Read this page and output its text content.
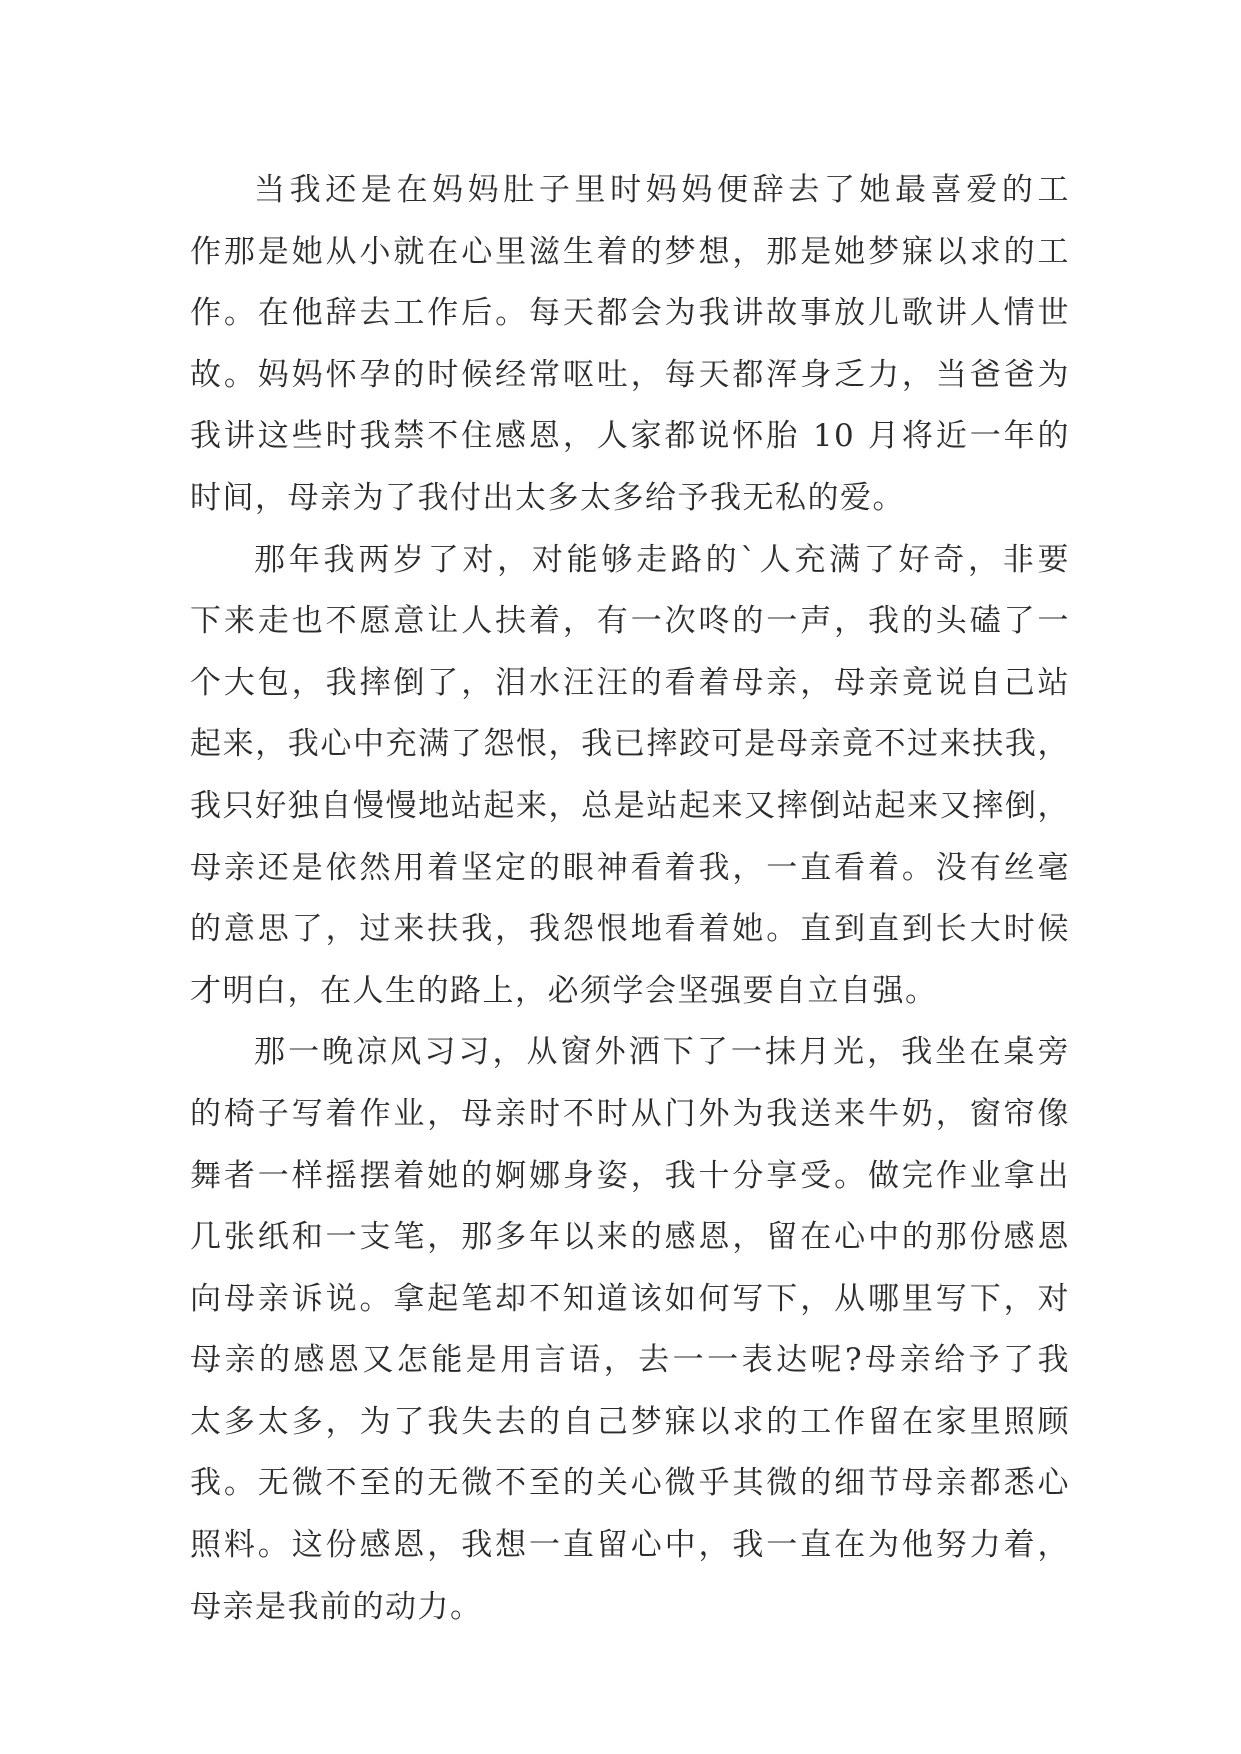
当我还是在妈妈肚子里时妈妈便辞去了她最喜爱的工
作那是她从小就在心里滋生着的梦想，那是她梦寐以求的工
作。在他辞去工作后。每天都会为我讲故事放儿歌讲人情世
故。妈妈怀孕的时候经常呕吐，每天都浑身乏力，当爸爸为
我讲这些时我禁不住感恩，人家都说怀胎 10 月将近一年的
时间，母亲为了我付出太多太多给予我无私的爱。
那年我两岁了对，对能够走路的`人充满了好奇，非要
下来走也不愿意让人扶着，有一次咚的一声，我的头磕了一
个大包，我摔倒了，泪水汪汪的看着母亲，母亲竟说自己站
起来，我心中充满了怨恨，我已摔跤可是母亲竟不过来扶我，
我只好独自慢慢地站起来，总是站起来又摔倒站起来又摔倒，
母亲还是依然用着坚定的眼神看着我，一直看着。没有丝毫
的意思了，过来扶我，我怨恨地看着她。直到直到长大时候
才明白，在人生的路上，必须学会坚强要自立自强。
那一晚凉风习习，从窗外洒下了一抹月光，我坐在桌旁
的椅子写着作业，母亲时不时从门外为我送来牛奶，窗帘像
舞者一样摇摆着她的婀娜身姿，我十分享受。做完作业拿出
几张纸和一支笔，那多年以来的感恩，留在心中的那份感恩
向母亲诉说。拿起笔却不知道该如何写下，从哪里写下，对
母亲的感恩又怎能是用言语，去一一表达呢?母亲给予了我
太多太多，为了我失去的自己梦寐以求的工作留在家里照顾
我。无微不至的无微不至的关心微乎其微的细节母亲都悉心
照料。这份感恩，我想一直留心中，我一直在为他努力着，
母亲是我前的动力。
